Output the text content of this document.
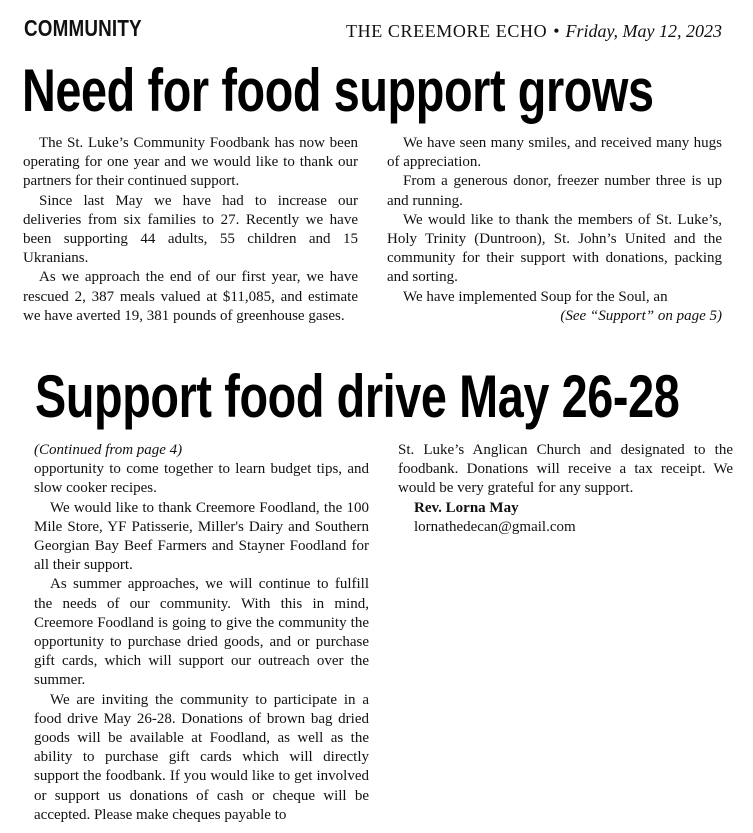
COMMUNITY	THE CREEMORE ECHO • Friday, May 12, 2023
Need for food support grows

The St. Luke’s Community Foodbank has now been operating for one year and we would like to thank our partners for their continued support.

Since last May we have had to increase our deliveries from six families to 27. Recently we have been supporting 44 adults, 55 children and 15 Ukranians.

As we approach the end of our first year, we have rescued 2, 387 meals valued at $11,085, and estimate we have averted 19, 381 pounds of greenhouse gases.

We have seen many smiles, and received many hugs of appreciation.

From a generous donor, freezer number three is up and running.

We would like to thank the members of St. Luke’s, Holy Trinity (Duntroon), St. John’s United and the community for their support with donations, packing and sorting.

We have implemented Soup for the Soul, an

(See “Support” on page 5)

Support food drive May 26-28

(Continued from page 4)

opportunity to come together to learn budget tips, and slow cooker recipes.

We would like to thank Creemore Foodland, the 100 Mile Store, YF Patisserie, Miller's Dairy and Southern Georgian Bay Beef Farmers and Stayner Foodland for all their support.

As summer approaches, we will continue to fulfill the needs of our community. With this in mind, Creemore Foodland is going to give the community the opportunity to purchase dried goods, and or purchase gift cards, which will support our outreach over the summer.

We are inviting the community to participate in a food drive May 26-28. Donations of brown bag dried goods will be available at Foodland, as well as the ability to purchase gift cards which will directly support the foodbank. If you would like to get involved or support us donations of cash or cheque will be accepted. Please make cheques payable to

St. Luke’s Anglican Church and designated to the foodbank. Donations will receive a tax receipt. We would be very grateful for any support.

Rev. Lorna May

lornathedecan@gmail.com
